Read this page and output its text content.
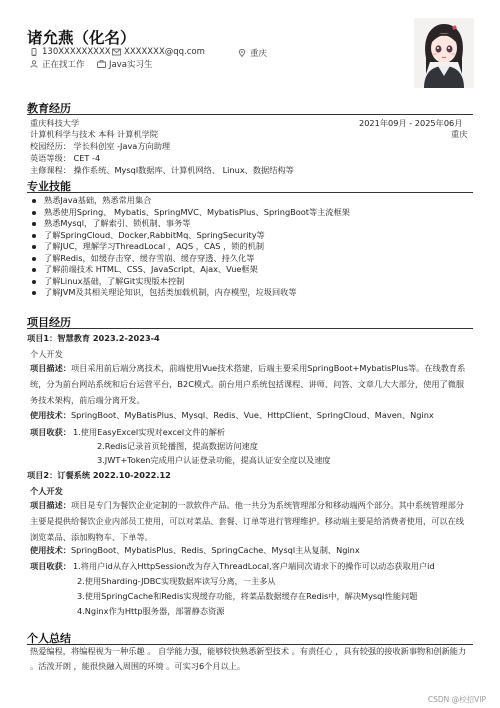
诸允燕（化名）
130XXXXXXXXX XXXXXXX@qq.com	重庆
正在找工作	Java实习生
教育经历
重庆科技大学	2021年09月 - 2025年06月
计算机科学与技术 本科 计算机学院	重庆
校园经历： 学长科创室 -Java方向助理
英语等级： CET -4
主修课程： 操作系统、Mysql数据库、计算机网络、 Linux、数据结构等
专业技能
熟悉Java基础，熟悉常用集合
熟悉使用Spring、 Mybatis、SpringMVC、MybatisPlus、SpringBoot等主流框架
熟悉Mysql，了解索引、锁机制、事务等
了解SpringCloud、Docker,RabbitMq、SpringSecurity等
了解JUC，理解学习ThreadLocal ，AQS ，CAS ，锁的机制
了解Redis，如缓存击穿、缓存雪崩、缓存穿透、持久化等
了解前端技术 HTML、CSS、JavaScript、Ajax、Vue框架
了解Linux基础，了解Git实现版本控制
了解JVM及其相关理论知识，包括类加载机制，内存模型，垃圾回收等
项目经历
项目1：智慧教育 2023.2-2023-4
个人开发
项目描述：项目采用前后端分离技术，前端使用Vue技术搭建，后端主要采用SpringBoot+MybatisPlus等。在线教育系统，分为前台网站系统和后台运营平台，B2C模式。前台用户系统包括课程、讲师、问答、文章几大大部分，使用了微服务技术架构，前后端分离开发。
使用技术：SpringBoot、MyBatisPlus、Mysql、Redis、Vue、HttpClient、SpringCloud、Maven、Nginx
项目收获： 1.使用EasyExcel实现对excel文件的解析
2.Redis记录首页轮播图，提高数据访问速度
3.JWT+Token完成用户认证登录功能，提高认证安全度以及速度
项目2：订餐系统 2022.10-2022.12
个人开发
项目描述：项目是专门为餐饮企业定制的一款软件产品。他一共分为系统管理部分和移动端两个部分。其中系统管理部分主要是提供给餐饮企业内部员工使用，可以对菜品、套餐、订单等进行管理维护。移动端主要是给消费者使用，可以在线浏览菜品、添加购物车、下单等。
使用技术：SpringBoot、MybatisPlus、Redis、SpringCache、Mysql主从复制、Nginx
项目收获： 1.将用户id从存入HttpSession改为存入ThreadLocal,客户端同次请求下的操作可以动态获取用户id
2.使用Sharding-JDBC实现数据库读写分离，一主多从
3.使用SpringCache和Redis实现缓存功能，将菜品数据缓存在Redis中，解决Mysql性能问题
4.Nginx作为Http服务器，部署静态资源
个人总结
热爱编程，将编程视为一种乐趣 。 自学能力强，能够较快熟悉新型技术 。有责任心 ，具有较强的接收新事物和创新能力 。活泼开朗 ，能很快融入周围的环境 。可实习6个月以上。
CSDN @校招VIP
